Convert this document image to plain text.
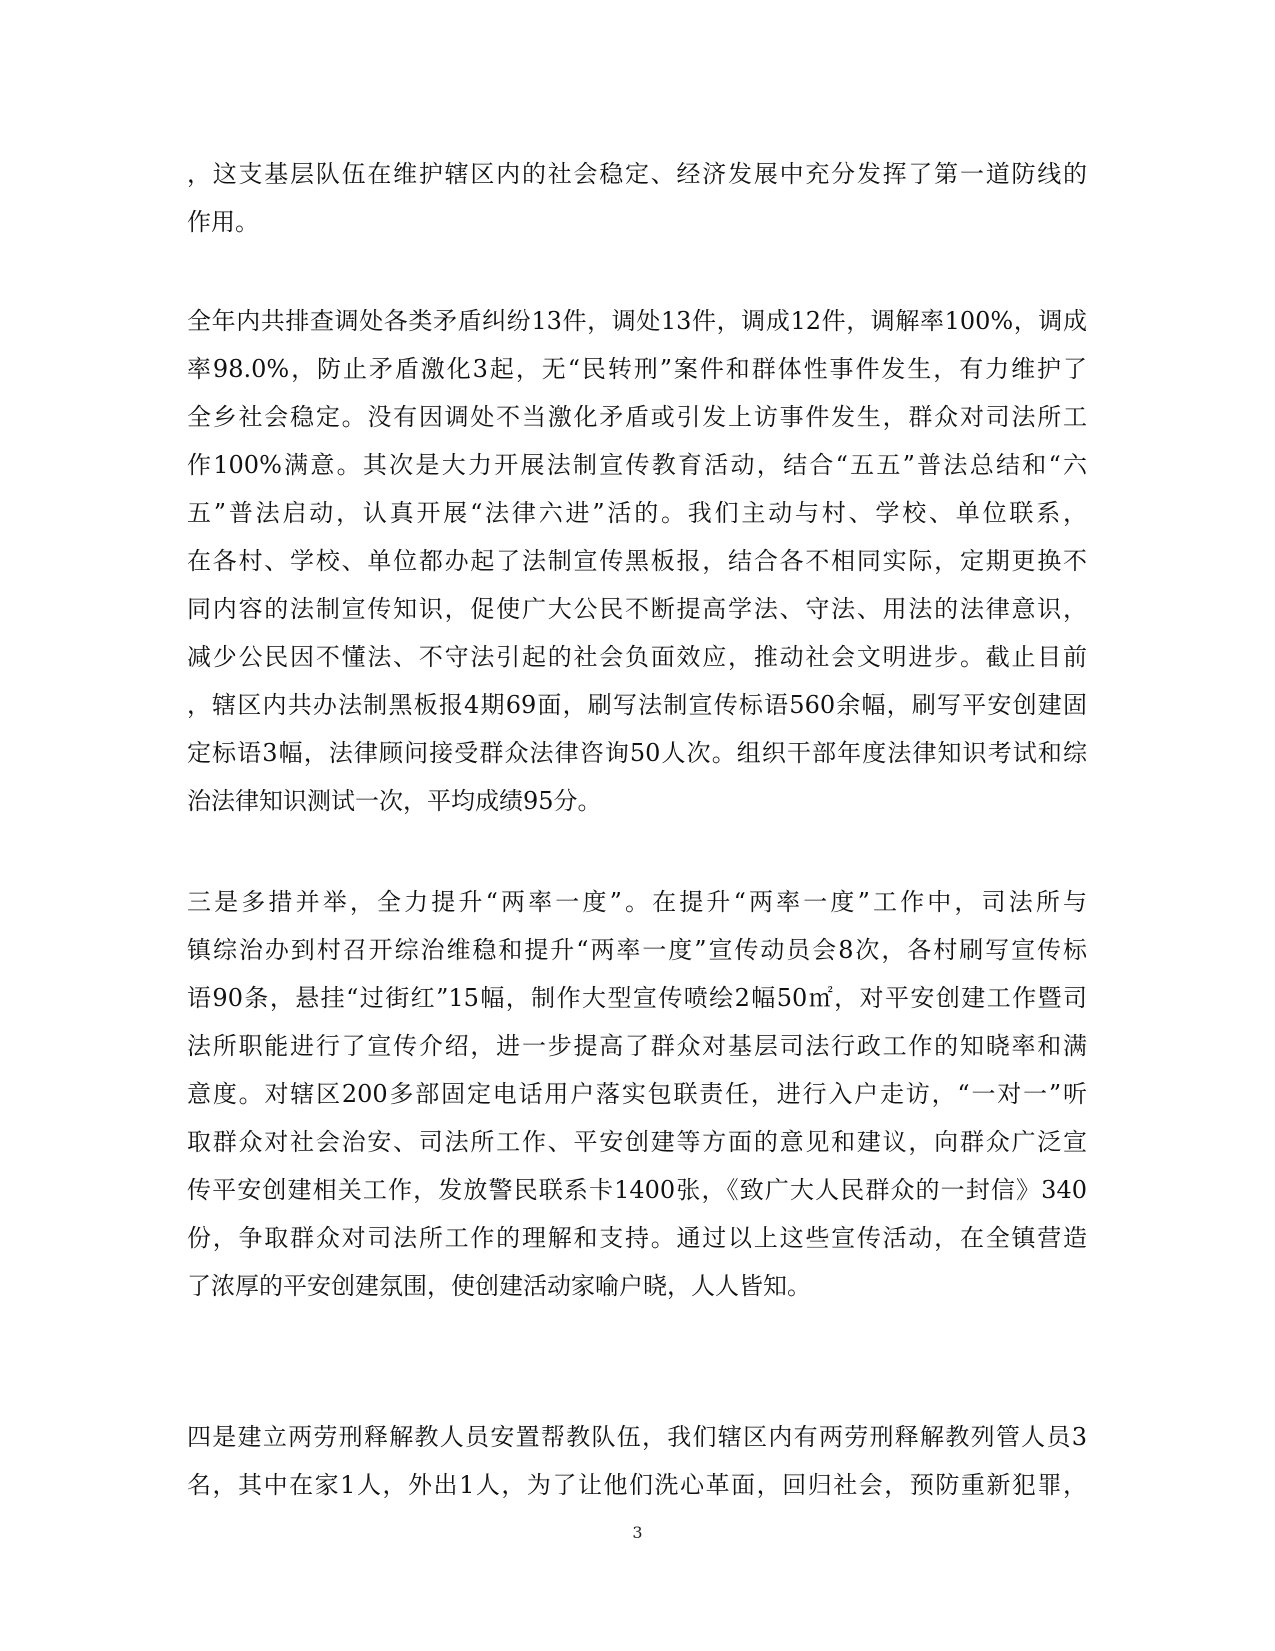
，这支基层队伍在维护辖区内的社会稳定、经济发展中充分发挥了第一道防线的
作用。
全年内共排查调处各类矛盾纠纷13件，调处13件，调成12件，调解率100%，调成
率98.0%，防止矛盾激化3起，无“民转刑”案件和群体性事件发生，有力维护了
全乡社会稳定。没有因调处不当激化矛盾或引发上访事件发生，群众对司法所工
作100%满意。其次是大力开展法制宣传教育活动，结合“五五”普法总结和“六
五”普法启动，认真开展“法律六进”活的。我们主动与村、学校、单位联系，
在各村、学校、单位都办起了法制宣传黑板报，结合各不相同实际，定期更换不
同内容的法制宣传知识，促使广大公民不断提高学法、守法、用法的法律意识，
减少公民因不懂法、不守法引起的社会负面效应，推动社会文明进步。截止目前
，辖区内共办法制黑板报4期69面，刷写法制宣传标语560余幅，刷写平安创建固
定标语3幅，法律顾问接受群众法律咨询50人次。组织干部年度法律知识考试和综
治法律知识测试一次，平均成绩95分。
三是多措并举，全力提升“两率一度”。在提升“两率一度”工作中，司法所与
镇综治办到村召开综治维稳和提升“两率一度”宣传动员会8次，各村刷写宣传标
语90条，悬挂“过街红”15幅，制作大型宣传喷绘2幅50㎡，对平安创建工作暨司
法所职能进行了宣传介绍，进一步提高了群众对基层司法行政工作的知晓率和满
意度。对辖区200多部固定电话用户落实包联责任，进行入户走访，“一对一”听
取群众对社会治安、司法所工作、平安创建等方面的意见和建议，向群众广泛宣
传平安创建相关工作，发放警民联系卡1400张，《致广大人民群众的一封信》340
份，争取群众对司法所工作的理解和支持。通过以上这些宣传活动，在全镇营造
了浓厚的平安创建氛围，使创建活动家喻户晓，人人皆知。
四是建立两劳刑释解教人员安置帮教队伍，我们辖区内有两劳刑释解教列管人员3
名，其中在家1人，外出1人，为了让他们洗心革面，回归社会，预防重新犯罪，
3
